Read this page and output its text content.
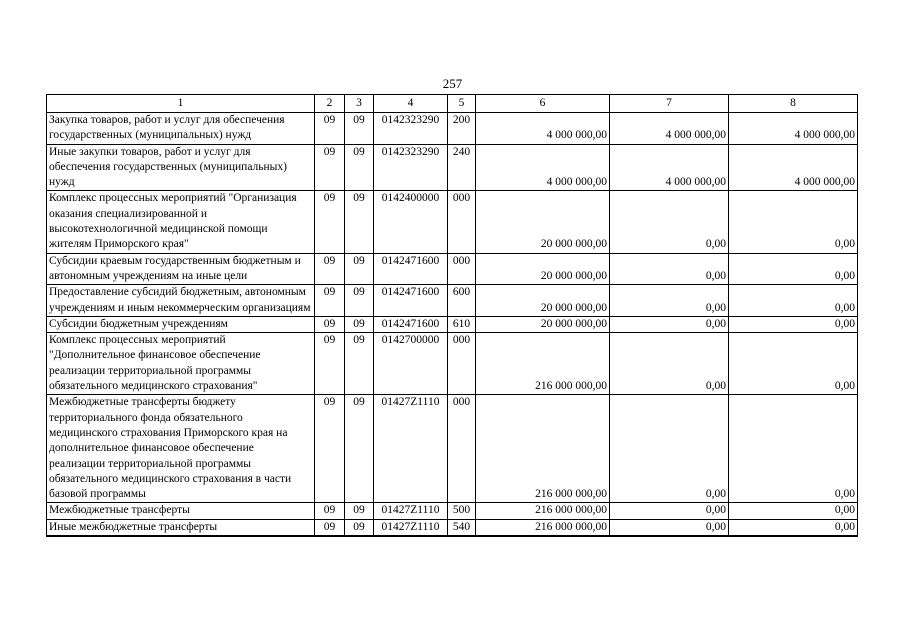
257
1	2	3	4	5	6	7	8
Закупка товаров, работ и услуг для обеспечения государственных (муниципальных) нужд	09	09	0142323290	200	4 000 000,00	4 000 000,00	4 000 000,00
Иные закупки товаров, работ и услуг для обеспечения государственных (муниципальных) нужд	09	09	0142323290	240	4 000 000,00	4 000 000,00	4 000 000,00
Комплекс процессных мероприятий "Организация оказания специализированной и высокотехнологичной медицинской помощи жителям Приморского края"	09	09	0142400000	000	20 000 000,00	0,00	0,00
Субсидии краевым государственным бюджетным и автономным учреждениям на иные цели	09	09	0142471600	000	20 000 000,00	0,00	0,00
Предоставление субсидий бюджетным, автономным учреждениям и иным некоммерческим организациям	09	09	0142471600	600	20 000 000,00	0,00	0,00
Субсидии бюджетным учреждениям	09	09	0142471600	610	20 000 000,00	0,00	0,00
Комплекс процессных мероприятий "Дополнительное финансовое обеспечение реализации территориальной программы обязательного медицинского страхования"	09	09	0142700000	000	216 000 000,00	0,00	0,00
Межбюджетные трансферты бюджету территориального фонда обязательного медицинского страхования Приморского края на дополнительное финансовое обеспечение реализации территориальной программы обязательного медицинского страхования в части базовой программы	09	09	01427Z1110	000	216 000 000,00	0,00	0,00
Межбюджетные трансферты	09	09	01427Z1110	500	216 000 000,00	0,00	0,00
Иные межбюджетные трансферты	09	09	01427Z1110	540	216 000 000,00	0,00	0,00
